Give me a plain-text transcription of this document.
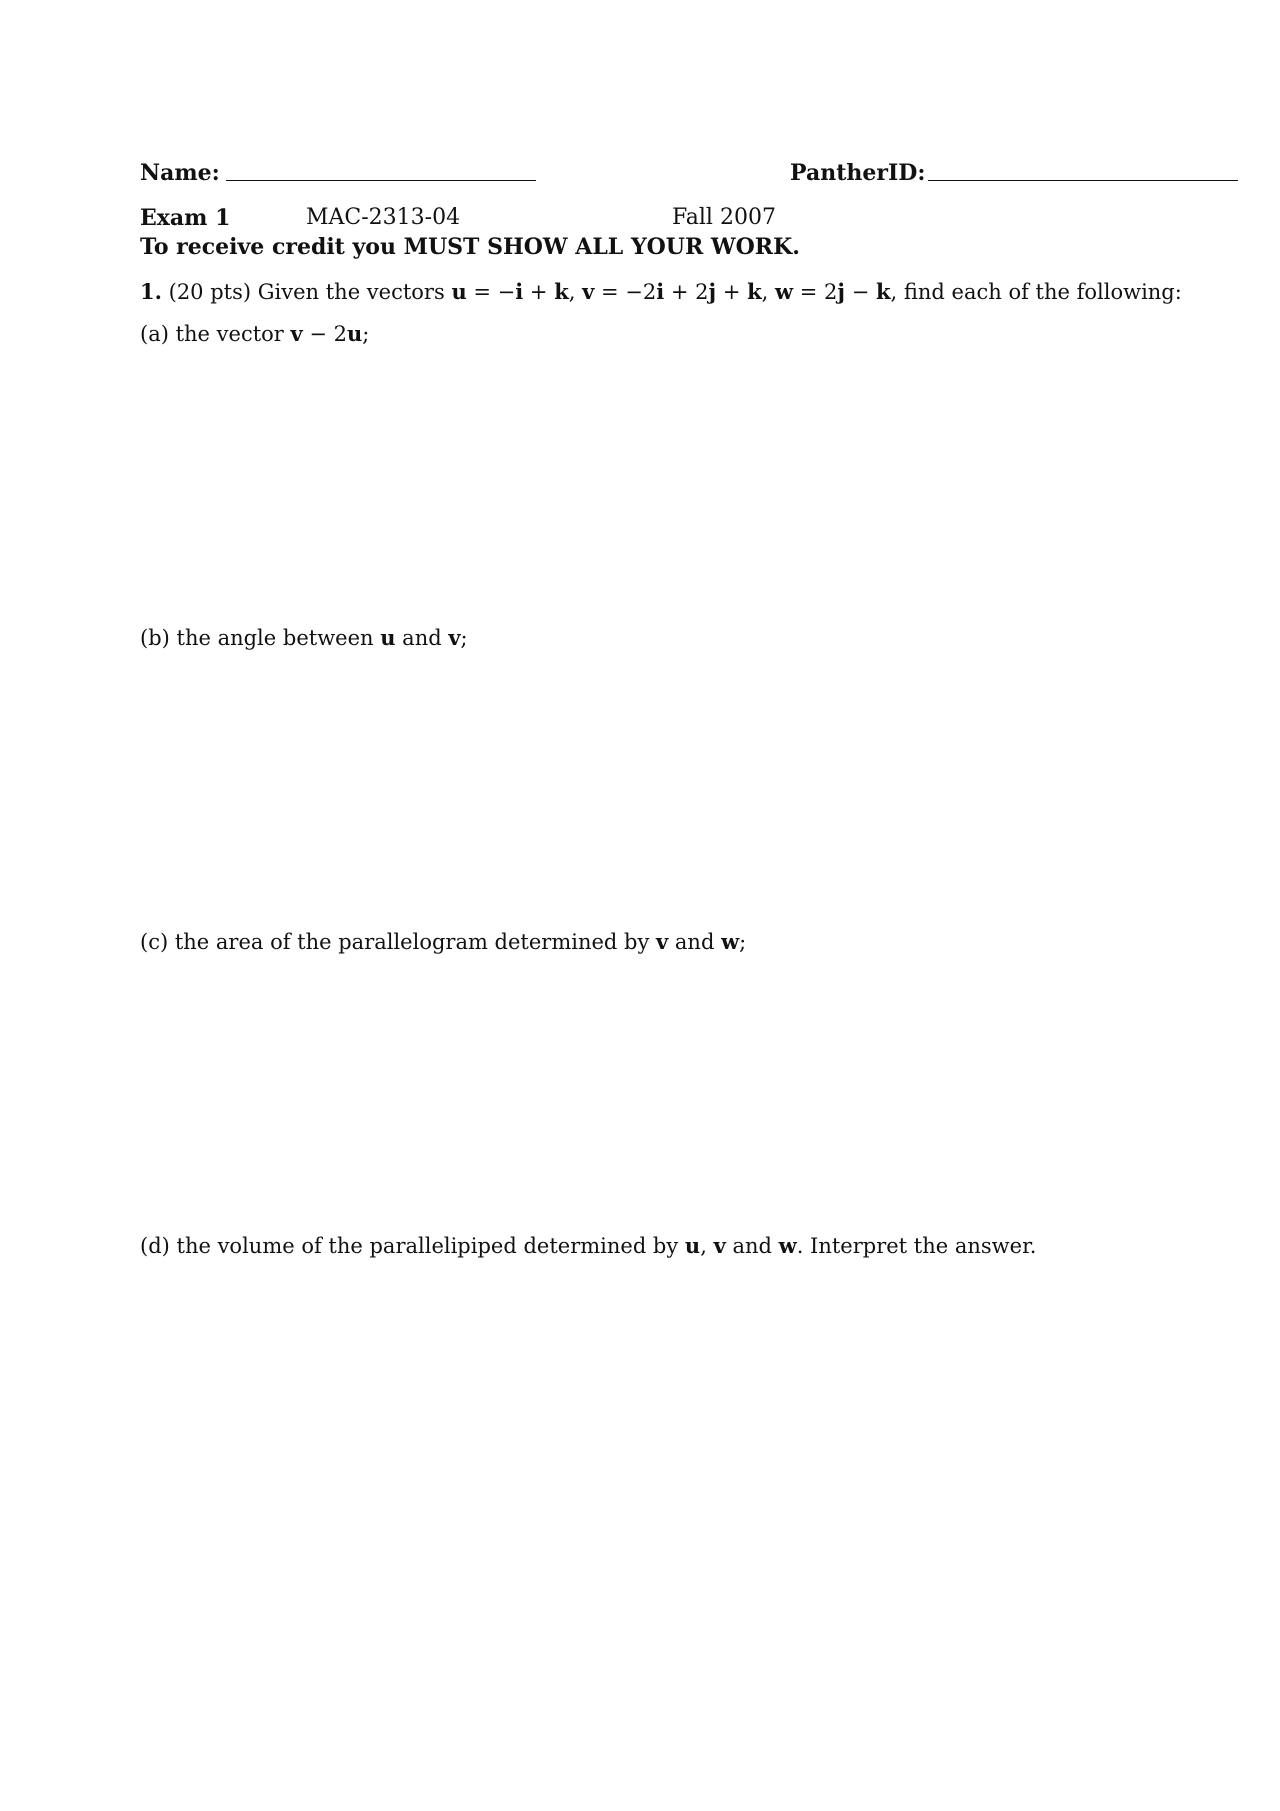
Name:	PantherID:
Exam 1	MAC-2313-04	Fall 2007
To receive credit you MUST SHOW ALL YOUR WORK.
1. (20 pts) Given the vectors u = −i + k, v = −2i + 2j + k, w = 2j − k, find each of the following:
(a) the vector v − 2u;
(b) the angle between u and v;
(c) the area of the parallelogram determined by v and w;
(d) the volume of the parallelipiped determined by u, v and w. Interpret the answer.
